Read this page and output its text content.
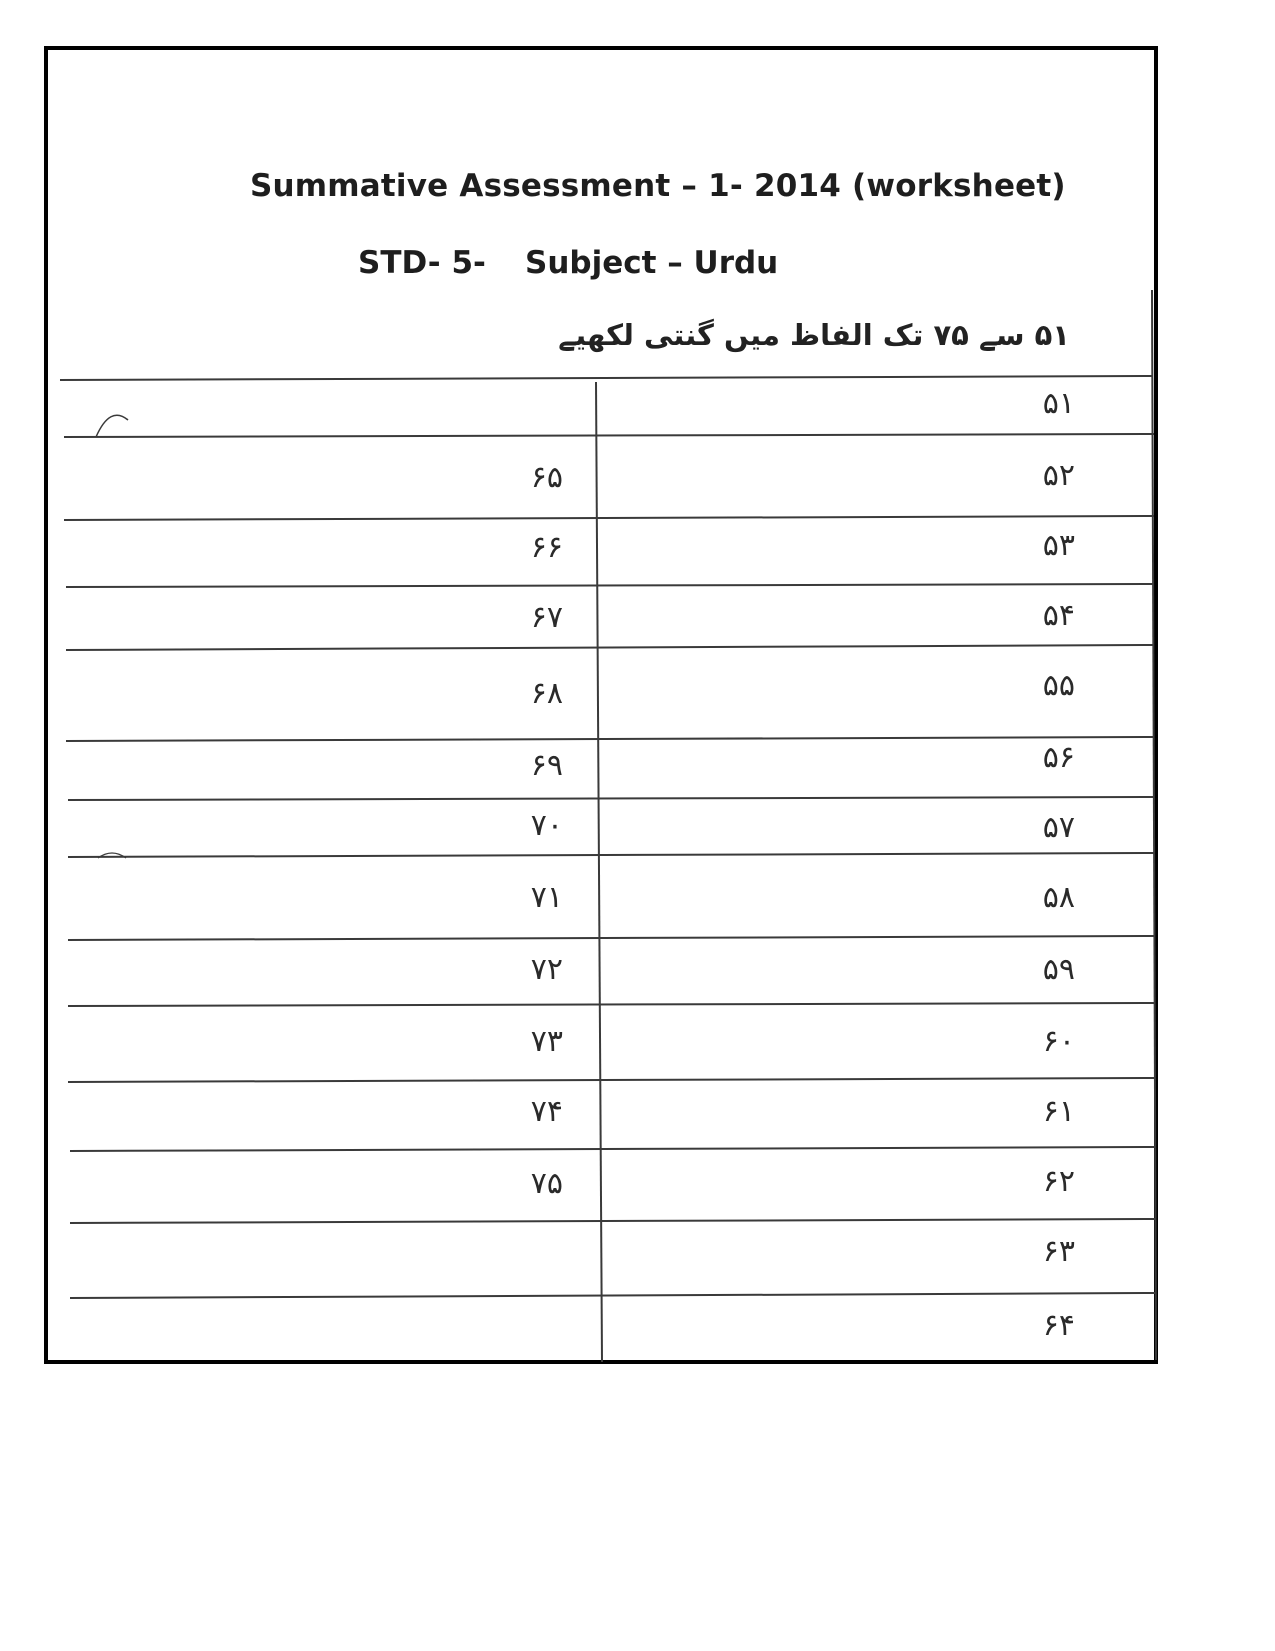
Summative Assessment – 1- 2014 (worksheet)
STD- 5- Subject – Urdu
۵۱ سے ۷۵ تک الفاظ میں گنتی لکھیے
۵۱
۵۲
۵۳
۵۴
۵۵
۵۶
۵۷
۵۸
۵۹
۶۰
۶۱
۶۲
۶۳
۶۴
۶۵
۶۶
۶۷
۶۸
۶۹
۷۰
۷۱
۷۲
۷۳
۷۴
۷۵
